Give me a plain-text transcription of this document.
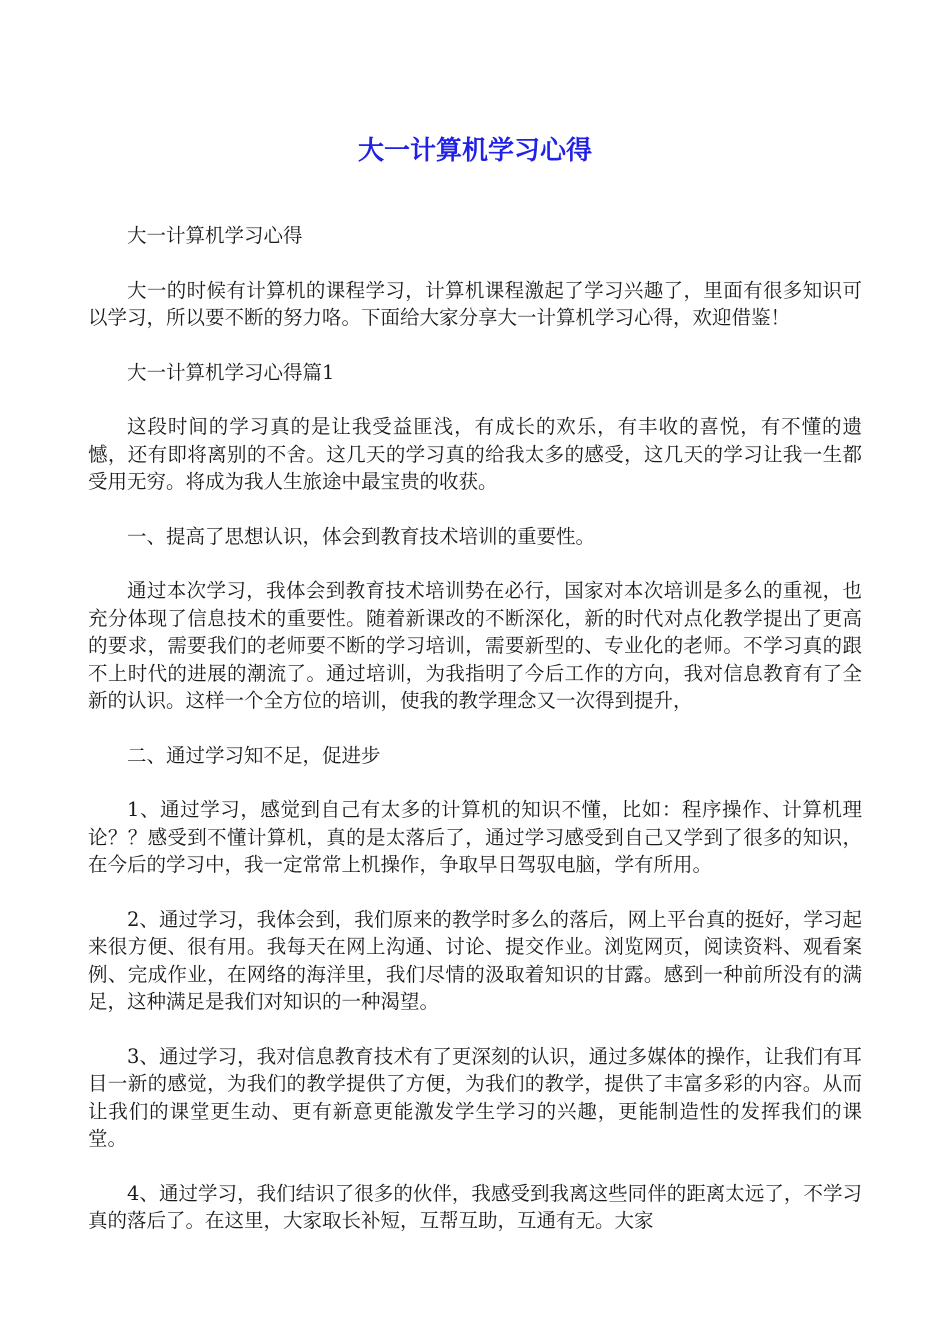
大一计算机学习心得

大一计算机学习心得

大一的时候有计算机的课程学习，计算机课程激起了学习兴趣了，里面有很多知识可以学习，所以要不断的努力咯。下面给大家分享大一计算机学习心得，欢迎借鉴！

大一计算机学习心得篇1

这段时间的学习真的是让我受益匪浅，有成长的欢乐，有丰收的喜悦，有不懂的遗憾，还有即将离别的不舍。这几天的学习真的给我太多的感受，这几天的学习让我一生都受用无穷。将成为我人生旅途中最宝贵的收获。

一、提高了思想认识，体会到教育技术培训的重要性。

通过本次学习，我体会到教育技术培训势在必行，国家对本次培训是多么的重视，也充分体现了信息技术的重要性。随着新课改的不断深化，新的时代对点化教学提出了更高的要求，需要我们的老师要不断的学习培训，需要新型的、专业化的老师。不学习真的跟不上时代的进展的潮流了。通过培训，为我指明了今后工作的方向，我对信息教育有了全新的认识。这样一个全方位的培训，使我的教学理念又一次得到提升，

二、通过学习知不足，促进步

1、通过学习，感觉到自己有太多的计算机的知识不懂，比如：程序操作、计算机理论？？感受到不懂计算机，真的是太落后了，通过学习感受到自己又学到了很多的知识，在今后的学习中，我一定常常上机操作，争取早日驾驭电脑，学有所用。

2、通过学习，我体会到，我们原来的教学时多么的落后，网上平台真的挺好，学习起来很方便、很有用。我每天在网上沟通、讨论、提交作业。浏览网页，阅读资料、观看案例、完成作业，在网络的海洋里，我们尽情的汲取着知识的甘露。感到一种前所没有的满足，这种满足是我们对知识的一种渴望。

3、通过学习，我对信息教育技术有了更深刻的认识，通过多媒体的操作，让我们有耳目一新的感觉，为我们的教学提供了方便，为我们的教学，提供了丰富多彩的内容。从而让我们的课堂更生动、更有新意更能激发学生学习的兴趣，更能制造性的发挥我们的课堂。

4、通过学习，我们结识了很多的伙伴，我感受到我离这些同伴的距离太远了，不学习真的落后了。在这里，大家取长补短，互帮互助，互通有无。大家
